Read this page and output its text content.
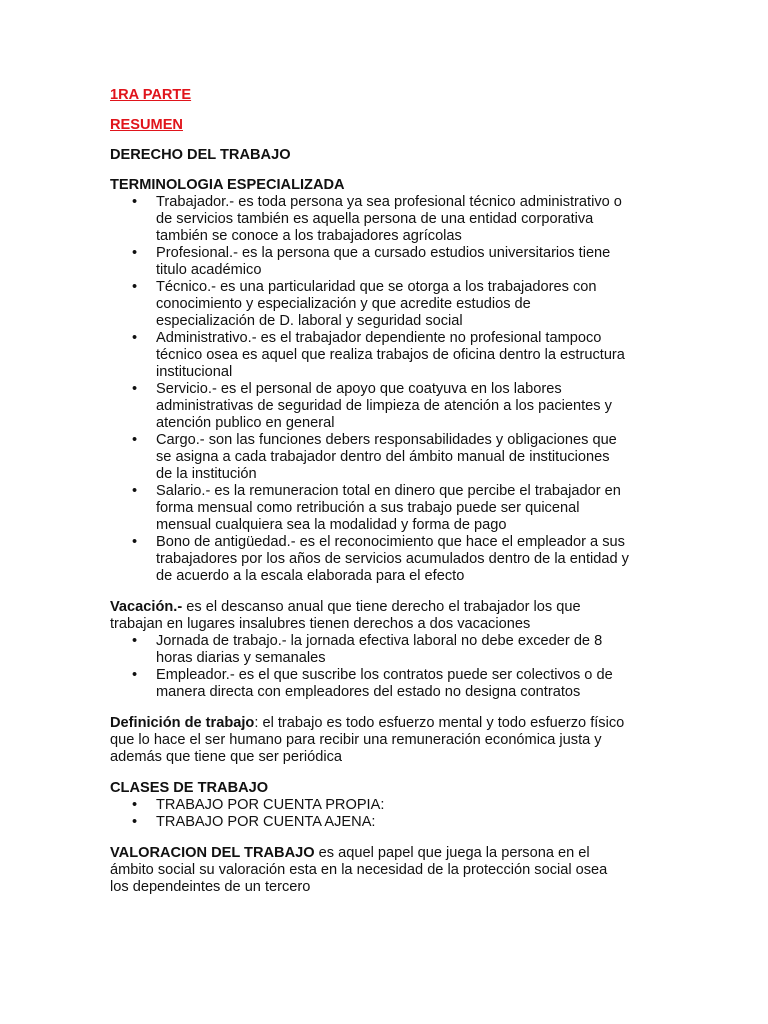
1RA PARTE

RESUMEN

DERECHO DEL TRABAJO

TERMINOLOGIA ESPECIALIZADA

• Trabajador.- es toda persona ya sea profesional técnico administrativo o
de servicios también es aquella persona de una entidad corporativa
también se conoce a los trabajadores agrícolas
• Profesional.- es la persona que a cursado estudios universitarios tiene
titulo académico
• Técnico.- es una particularidad que se otorga a los trabajadores con
conocimiento y especialización y que acredite estudios de
especialización de D. laboral y seguridad social
• Administrativo.- es el trabajador dependiente no profesional tampoco
técnico osea es aquel que realiza trabajos de oficina dentro la estructura
institucional
• Servicio.- es el personal de apoyo que coatyuva en los labores
administrativas de seguridad de limpieza de atención a los pacientes y
atención publico en general
• Cargo.- son las funciones debers responsabilidades y obligaciones que
se asigna a cada trabajador dentro del ámbito manual de instituciones
de la institución
• Salario.- es la remuneracion total en dinero que percibe el trabajador en
forma mensual como retribución a sus trabajo puede ser quicenal
mensual cualquiera sea la modalidad y forma de pago
• Bono de antigüedad.- es el reconocimiento que hace el empleador a sus
trabajadores por los años de servicios acumulados dentro de la entidad y
de acuerdo a la escala elaborada para el efecto
Vacación.- es el descanso anual que tiene derecho el trabajador los que
trabajan en lugares insalubres tienen derechos a dos vacaciones
• Jornada de trabajo.- la jornada efectiva laboral no debe exceder de 8
horas diarias y semanales
• Empleador.- es el que suscribe los contratos puede ser colectivos o de
manera directa con empleadores del estado no designa contratos
Definición de trabajo: el trabajo es todo esfuerzo mental y todo esfuerzo físico
que lo hace el ser humano para recibir una remuneración económica justa y
además que tiene que ser periódica

CLASES DE TRABAJO

• TRABAJO POR CUENTA PROPIA:
• TRABAJO POR CUENTA AJENA:
VALORACION DEL TRABAJO es aquel papel que juega la persona en el
ámbito social su valoración esta en la necesidad de la protección social osea
los dependeintes de un tercero
